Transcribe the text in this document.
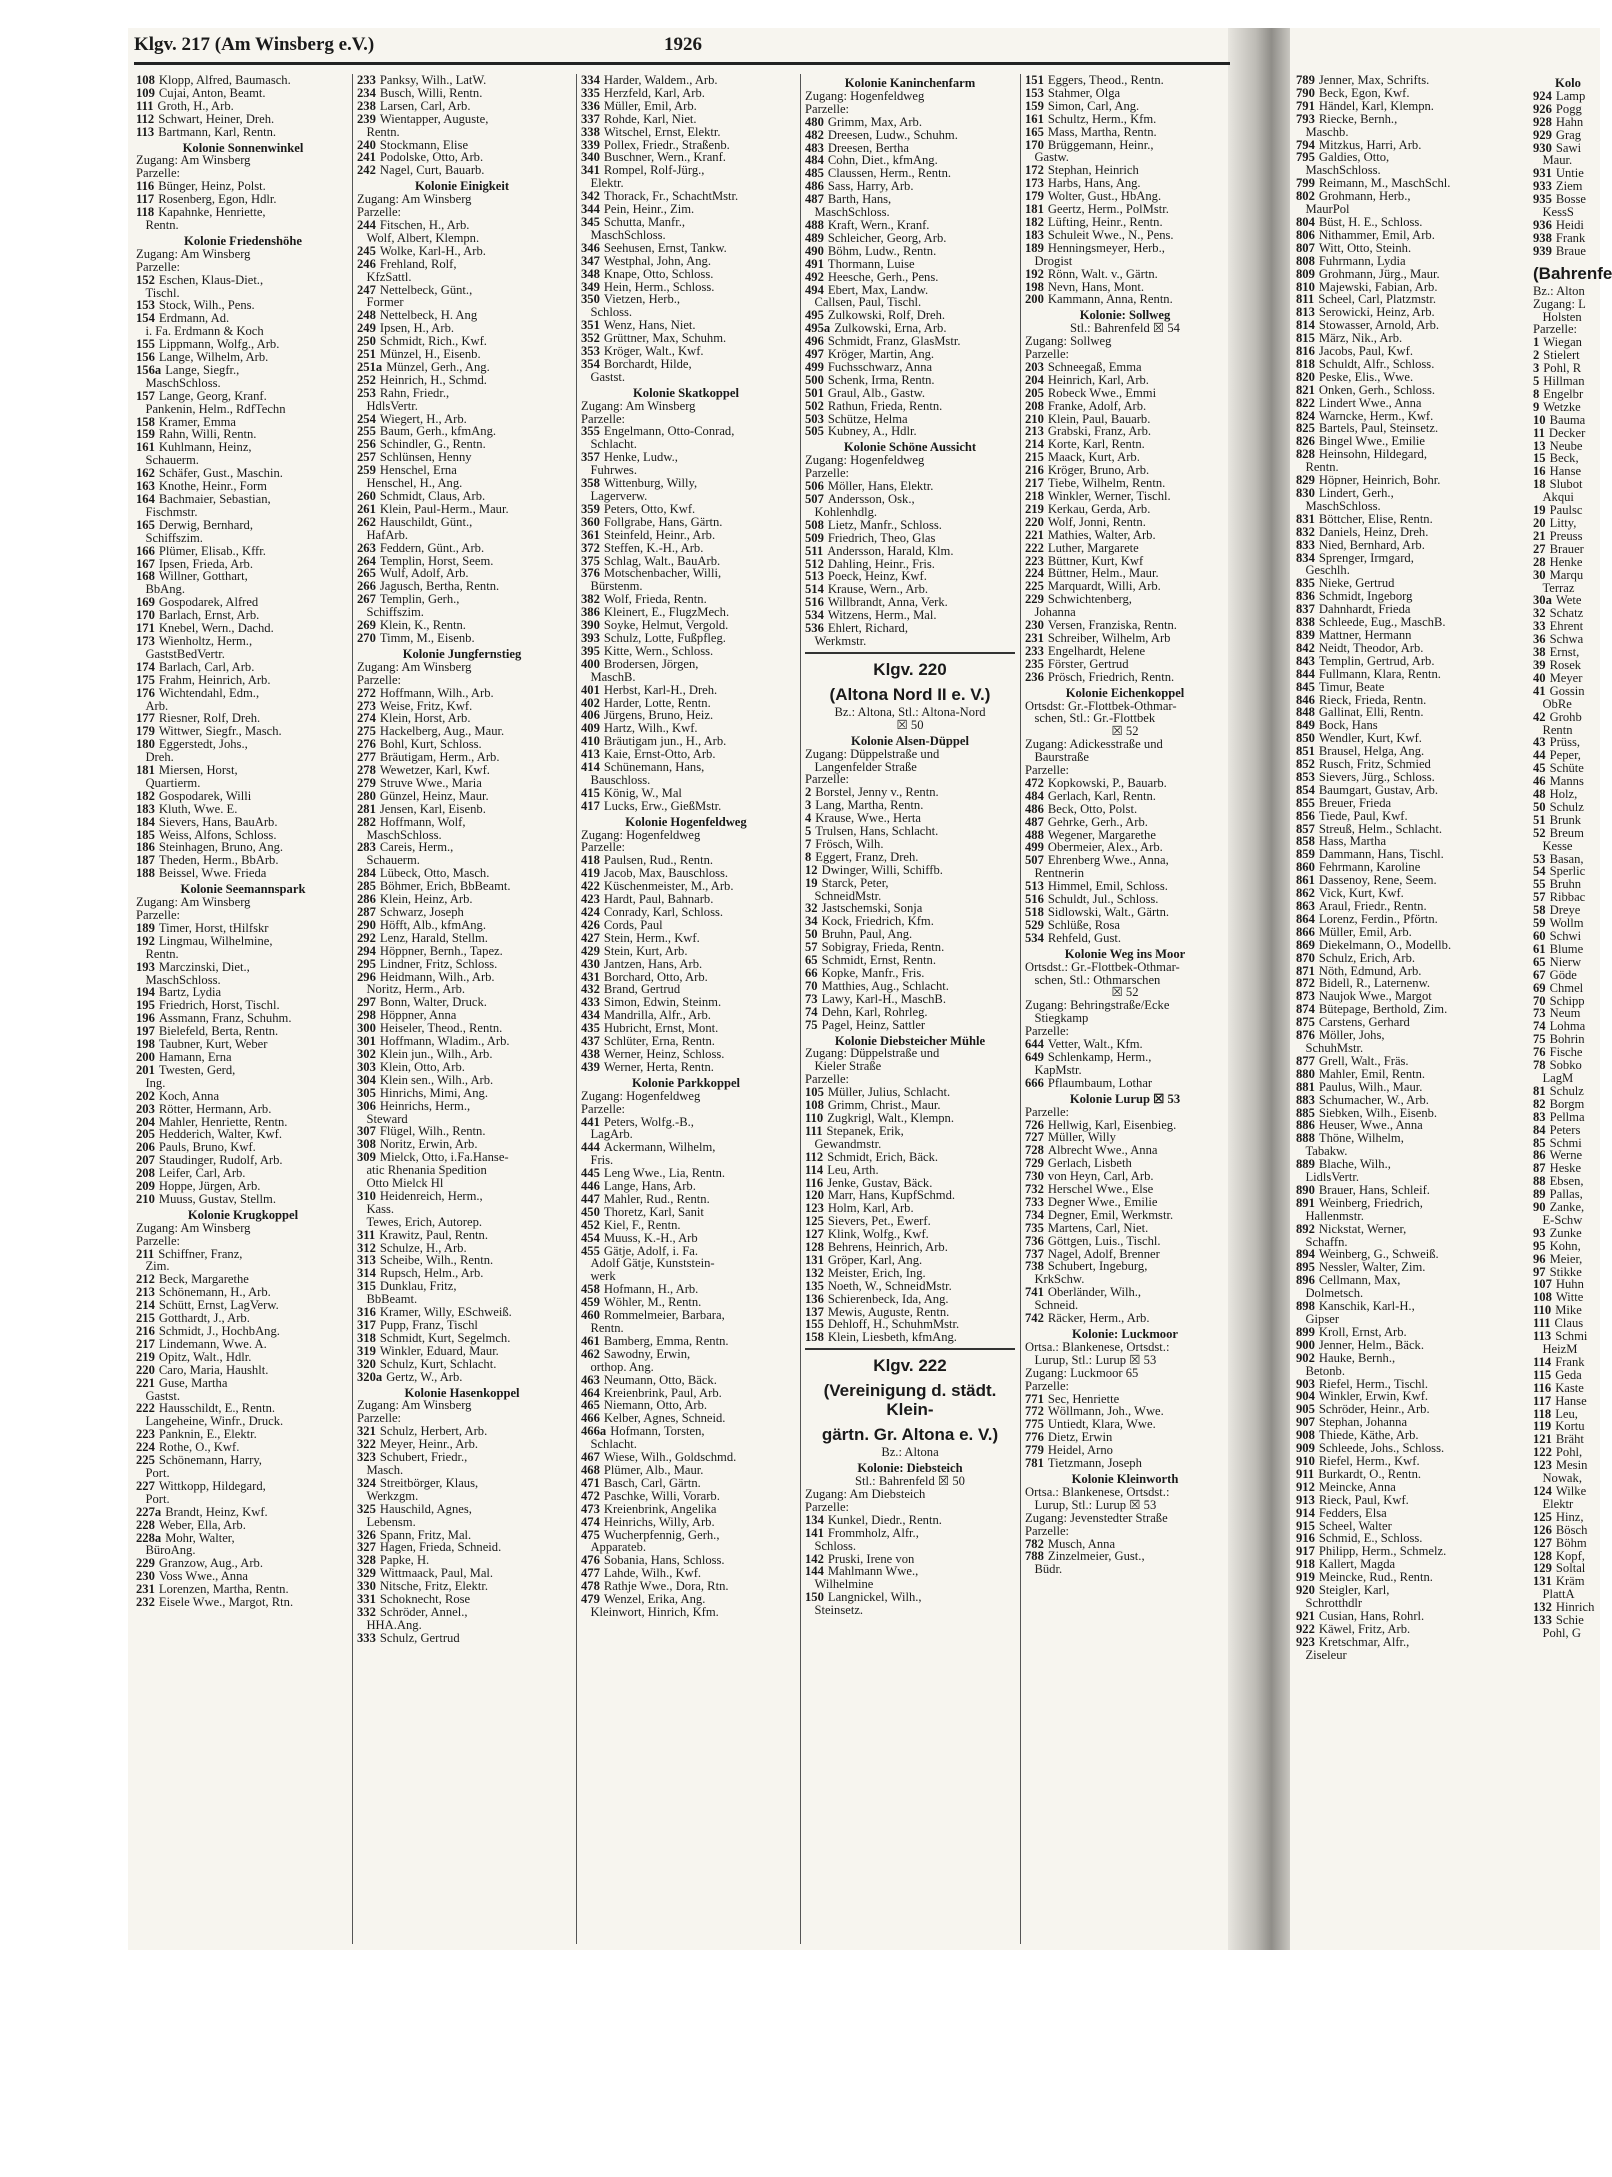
789 Jenner, Max, Schrifts.
790 Beck, Egon, Kwf.
791 Händel, Karl, Klempn.
793 Riecke, Bernh.,
Maschb.
794 Mitzkus, Harri, Arb.
795 Galdies, Otto,
MaschSchloss.
799 Reimann, M., MaschSchl.
802 Grohmann, Herb.,
MaurPol
804 Büst, H. E., Schloss.
806 Nithammer, Emil, Arb.
807 Witt, Otto, Steinh.
808 Fuhrmann, Lydia
809 Grohmann, Jürg., Maur.
810 Majewski, Fabian, Arb.
811 Scheel, Carl, Platzmstr.
813 Serowicki, Heinz, Arb.
814 Stowasser, Arnold, Arb.
815 März, Nik., Arb.
816 Jacobs, Paul, Kwf.
818 Schuldt, Alfr., Schloss.
820 Peske, Elis., Wwe.
821 Onken, Gerh., Schloss.
822 Lindert Wwe., Anna
824 Warncke, Herm., Kwf.
825 Bartels, Paul, Steinsetz.
826 Bingel Wwe., Emilie
828 Heinsohn, Hildegard,
Rentn.
829 Höpner, Heinrich, Bohr.
830 Lindert, Gerh.,
MaschSchloss.
831 Böttcher, Elise, Rentn.
832 Daniels, Heinz, Dreh.
833 Nied, Bernhard, Arb.
834 Sprenger, Irmgard,
Geschlh.
835 Nieke, Gertrud
836 Schmidt, Ingeborg
837 Dahnhardt, Frieda
838 Schleede, Eug., MaschB.
839 Mattner, Hermann
842 Neidt, Theodor, Arb.
843 Templin, Gertrud, Arb.
844 Fullmann, Klara, Rentn.
845 Timur, Beate
846 Rieck, Frieda, Rentn.
848 Gallinat, Elli, Rentn.
849 Bock, Hans
850 Wendler, Kurt, Kwf.
851 Brausel, Helga, Ang.
852 Rusch, Fritz, Schmied
853 Sievers, Jürg., Schloss.
854 Baumgart, Gustav, Arb.
855 Breuer, Frieda
856 Tiede, Paul, Kwf.
857 Streuß, Helm., Schlacht.
858 Hass, Martha
859 Dammann, Hans, Tischl.
860 Fehrmann, Karoline
861 Dassenoy, Rene, Seem.
862 Vick, Kurt, Kwf.
863 Araul, Friedr., Rentn.
864 Lorenz, Ferdin., Pförtn.
866 Müller, Emil, Arb.
869 Diekelmann, O., Modellb.
870 Schulz, Erich, Arb.
871 Nöth, Edmund, Arb.
872 Bidell, R., Laternenw.
873 Naujok Wwe., Margot
874 Bütepage, Berthold, Zim.
875 Carstens, Gerhard
876 Möller, Johs,
SchuhMstr.
877 Grell, Walt., Fräs.
880 Mahler, Emil, Rentn.
881 Paulus, Wilh., Maur.
883 Schumacher, W., Arb.
885 Siebken, Wilh., Eisenb.
886 Heuser, Wwe., Anna
888 Thöne, Wilhelm,
Tabakw.
889 Blache, Wilh.,
LidlsVertr.
890 Brauer, Hans, Schleif.
891 Weinberg, Friedrich,
Hallenmstr.
892 Nickstat, Werner,
Schaffn.
894 Weinberg, G., Schweiß.
895 Nessler, Walter, Zim.
896 Cellmann, Max,
Dolmetsch.
898 Kanschik, Karl-H.,
Gipser
899 Kroll, Ernst, Arb.
900 Jenner, Helm., Bäck.
902 Hauke, Bernh.,
Betonb.
903 Riefel, Herm., Tischl.
904 Winkler, Erwin, Kwf.
905 Schröder, Heinr., Arb.
907 Stephan, Johanna
908 Thiede, Käthe, Arb.
909 Schleede, Johs., Schloss.
910 Riefel, Herm., Kwf.
911 Burkardt, O., Rentn.
912 Meincke, Anna
913 Rieck, Paul, Kwf.
914 Fedders, Elsa
915 Scheel, Walter
916 Schmid, E., Schloss.
917 Philipp, Herm., Schmelz.
918 Kallert, Magda
919 Meincke, Rud., Rentn.
920 Steigler, Karl,
Schrotthdlr
921 Cusian, Hans, Rohrl.
922 Käwel, Fritz, Arb.
923 Kretschmar, Alfr.,
Ziseleur
Kolo
924 Lamp
926 Pogg
928 Hahn
929 Grag
930 Sawi
Maur.
931 Untie
933 Ziem
935 Bosse
KessS
936 Heidi
938 Frank
939 Braue
(Bahrenfe
Bz.: Alton
Zugang: L
Holsten
Parzelle:
1 Wiegan
2 Stielert
3 Pohl, R
5 Hillman
8 Engelbr
9 Wetzke
10 Bauma
11 Decker
13 Neube
15 Beck,
16 Hanse
18 Slubot
Akqui
19 Paulsc
20 Litty,
21 Preuss
27 Brauer
28 Henke
30 Marqu
Terraz
30a Wete
32 Schatz
33 Ehrent
36 Schwa
38 Ernst,
39 Rosek
40 Meyer
41 Gossin
ObRe
42 Grohb
Rentn
43 Prüss,
44 Peper,
45 Schüte
46 Manns
48 Holz,
50 Schulz
51 Brunk
52 Breum
Kesse
53 Basan,
54 Sperlic
55 Bruhn
57 Ribbac
58 Dreye
59 Wollm
60 Schwi
61 Blume
65 Nierw
67 Göde
69 Chmel
70 Schipp
73 Neum
74 Lohma
75 Bohrin
76 Fische
78 Sobko
LagM
81 Schulz
82 Borgm
83 Pellma
84 Peters
85 Schmi
86 Werne
87 Heske
88 Ebsen,
89 Pallas,
90 Zanke,
E-Schw
93 Zunke
95 Kohn,
96 Meier,
97 Stikke
107 Huhn
108 Witte
110 Mike
111 Claus
113 Schmi
HeizM
114 Frank
115 Geda
116 Kaste
117 Hanse
118 Leu,
119 Kortu
121 Bräht
122 Pohl,
123 Mesin
Nowak,
124 Wilke
Elektr
125 Hinz,
126 Bösch
127 Böhm
128 Kopf,
129 Soltal
131 Kräm
PlattA
132 Hinrich
133 Schie
Pohl, G
Klgv. 217 (Am Winsberg e.V.)	1926
108 Klopp, Alfred, Baumasch.
109 Cujai, Anton, Beamt.
111 Groth, H., Arb.
112 Schwart, Heiner, Dreh.
113 Bartmann, Karl, Rentn.
Kolonie Sonnenwinkel
Zugang: Am Winsberg
Parzelle:
116 Bünger, Heinz, Polst.
117 Rosenberg, Egon, Hdlr.
118 Kapahnke, Henriette,
Rentn.
Kolonie Friedenshöhe
Zugang: Am Winsberg
Parzelle:
152 Eschen, Klaus-Diet.,
Tischl.
153 Stock, Wilh., Pens.
154 Erdmann, Ad.
i. Fa. Erdmann & Koch
155 Lippmann, Wolfg., Arb.
156 Lange, Wilhelm, Arb.
156a Lange, Siegfr.,
MaschSchloss.
157 Lange, Georg, Kranf.
Pankenin, Helm., RdfTechn
158 Kramer, Emma
159 Rahn, Willi, Rentn.
161 Kuhlmann, Heinz,
Schauerm.
162 Schäfer, Gust., Maschin.
163 Knothe, Heinr., Form
164 Bachmaier, Sebastian,
Fischmstr.
165 Derwig, Bernhard,
Schiffszim.
166 Plümer, Elisab., Kffr.
167 Ipsen, Frieda, Arb.
168 Willner, Gotthart,
BbAng.
169 Gospodarek, Alfred
170 Barlach, Ernst, Arb.
171 Knebel, Wern., Dachd.
173 Wienholtz, Herm.,
GaststBedVertr.
174 Barlach, Carl, Arb.
175 Frahm, Heinrich, Arb.
176 Wichtendahl, Edm.,
Arb.
177 Riesner, Rolf, Dreh.
179 Wittwer, Siegfr., Masch.
180 Eggerstedt, Johs.,
Dreh.
181 Miersen, Horst,
Quartierm.
182 Gospodarek, Willi
183 Kluth, Wwe. E.
184 Sievers, Hans, BauArb.
185 Weiss, Alfons, Schloss.
186 Steinhagen, Bruno, Ang.
187 Theden, Herm., BbArb.
188 Beissel, Wwe. Frieda
Kolonie Seemannspark
Zugang: Am Winsberg
Parzelle:
189 Timer, Horst, tHilfskr
192 Lingmau, Wilhelmine,
Rentn.
193 Marczinski, Diet.,
MaschSchloss.
194 Bartz, Lydia
195 Friedrich, Horst, Tischl.
196 Assmann, Franz, Schuhm.
197 Bielefeld, Berta, Rentn.
198 Taubner, Kurt, Weber
200 Hamann, Erna
201 Twesten, Gerd,
Ing.
202 Koch, Anna
203 Rötter, Hermann, Arb.
204 Mahler, Henriette, Rentn.
205 Hedderich, Walter, Kwf.
206 Pauls, Bruno, Kwf.
207 Staudinger, Rudolf, Arb.
208 Leifer, Carl, Arb.
209 Hoppe, Jürgen, Arb.
210 Muuss, Gustav, Stellm.
Kolonie Krugkoppel
Zugang: Am Winsberg
Parzelle:
211 Schiffner, Franz,
Zim.
212 Beck, Margarethe
213 Schönemann, H., Arb.
214 Schütt, Ernst, LagVerw.
215 Gotthardt, J., Arb.
216 Schmidt, J., HochbAng.
217 Lindemann, Wwe. A.
219 Opitz, Walt., Hdlr.
220 Caro, Maria, Haushlt.
221 Guse, Martha
Gastst.
222 Hausschildt, E., Rentn.
Langeheine, Winfr., Druck.
223 Panknin, E., Elektr.
224 Rothe, O., Kwf.
225 Schönemann, Harry,
Port.
227 Wittkopp, Hildegard,
Port.
227a Brandt, Heinz, Kwf.
228 Weber, Ella, Arb.
228a Mohr, Walter,
BüroAng.
229 Granzow, Aug., Arb.
230 Voss Wwe., Anna
231 Lorenzen, Martha, Rentn.
232 Eisele Wwe., Margot, Rtn.
233 Panksy, Wilh., LatW.
234 Busch, Willi, Rentn.
238 Larsen, Carl, Arb.
239 Wientapper, Auguste,
Rentn.
240 Stockmann, Elise
241 Podolske, Otto, Arb.
242 Nagel, Curt, Bauarb.
Kolonie Einigkeit
Zugang: Am Winsberg
Parzelle:
244 Fitschen, H., Arb.
Wolf, Albert, Klempn.
245 Wolke, Karl-H., Arb.
246 Frehland, Rolf,
KfzSattl.
247 Nettelbeck, Günt.,
Former
248 Nettelbeck, H. Ang
249 Ipsen, H., Arb.
250 Schmidt, Rich., Kwf.
251 Münzel, H., Eisenb.
251a Münzel, Gerh., Ang.
252 Heinrich, H., Schmd.
253 Rahn, Friedr.,
HdlsVertr.
254 Wiegert, H., Arb.
255 Baum, Gerh., kfmAng.
256 Schindler, G., Rentn.
257 Schlünsen, Henny
259 Henschel, Erna
Henschel, H., Ang.
260 Schmidt, Claus, Arb.
261 Klein, Paul-Herm., Maur.
262 Hauschildt, Günt.,
HafArb.
263 Feddern, Günt., Arb.
264 Templin, Horst, Seem.
265 Wulf, Adolf, Arb.
266 Jagusch, Bertha, Rentn.
267 Templin, Gerh.,
Schiffszim.
269 Klein, K., Rentn.
270 Timm, M., Eisenb.
Kolonie Jungfernstieg
Zugang: Am Winsberg
Parzelle:
272 Hoffmann, Wilh., Arb.
273 Weise, Fritz, Kwf.
274 Klein, Horst, Arb.
275 Hackelberg, Aug., Maur.
276 Bohl, Kurt, Schloss.
277 Bräutigam, Herm., Arb.
278 Wewetzer, Karl, Kwf.
279 Struve Wwe., Maria
280 Günzel, Heinz, Maur.
281 Jensen, Karl, Eisenb.
282 Hoffmann, Wolf,
MaschSchloss.
283 Careis, Herm.,
Schauerm.
284 Lübeck, Otto, Masch.
285 Böhmer, Erich, BbBeamt.
286 Klein, Heinz, Arb.
287 Schwarz, Joseph
290 Höfft, Alb., kfmAng.
292 Lenz, Harald, Stellm.
294 Höppner, Bernh., Tapez.
295 Lindner, Fritz, Schloss.
296 Heidmann, Wilh., Arb.
Noritz, Herm., Arb.
297 Bonn, Walter, Druck.
298 Höppner, Anna
300 Heiseler, Theod., Rentn.
301 Hoffmann, Wladim., Arb.
302 Klein jun., Wilh., Arb.
303 Klein, Otto, Arb.
304 Klein sen., Wilh., Arb.
305 Hinrichs, Mimi, Ang.
306 Heinrichs, Herm.,
Steward
307 Flügel, Wilh., Rentn.
308 Noritz, Erwin, Arb.
309 Mielck, Otto, i.Fa.Hanse-
atic Rhenania Spedition
Otto Mielck Hl
310 Heidenreich, Herm.,
Kass.
Tewes, Erich, Autorep.
311 Krawitz, Paul, Rentn.
312 Schulze, H., Arb.
313 Scheibe, Wilh., Rentn.
314 Rupsch, Helm., Arb.
315 Dunklau, Fritz,
BbBeamt.
316 Kramer, Willy, ESchweiß.
317 Pupp, Franz, Tischl
318 Schmidt, Kurt, Segelmch.
319 Winkler, Eduard, Maur.
320 Schulz, Kurt, Schlacht.
320a Gertz, W., Arb.
Kolonie Hasenkoppel
Zugang: Am Winsberg
Parzelle:
321 Schulz, Herbert, Arb.
322 Meyer, Heinr., Arb.
323 Schubert, Friedr.,
Masch.
324 Streitbörger, Klaus,
Werkzgm.
325 Hauschild, Agnes,
Lebensm.
326 Spann, Fritz, Mal.
327 Hagen, Frieda, Schneid.
328 Papke, H.
329 Wittmaack, Paul, Mal.
330 Nitsche, Fritz, Elektr.
331 Schoknecht, Rose
332 Schröder, Annel.,
HHA.Ang.
333 Schulz, Gertrud
334 Harder, Waldem., Arb.
335 Herzfeld, Karl, Arb.
336 Müller, Emil, Arb.
337 Rohde, Karl, Niet.
338 Witschel, Ernst, Elektr.
339 Pollex, Friedr., Straßenb.
340 Buschner, Wern., Kranf.
341 Rompel, Rolf-Jürg.,
Elektr.
342 Thorack, Fr., SchachtMstr.
344 Pein, Heinr., Zim.
345 Schutta, Manfr.,
MaschSchloss.
346 Seehusen, Ernst, Tankw.
347 Westphal, John, Ang.
348 Knape, Otto, Schloss.
349 Hein, Herm., Schloss.
350 Vietzen, Herb.,
Schloss.
351 Wenz, Hans, Niet.
352 Grüttner, Max, Schuhm.
353 Kröger, Walt., Kwf.
354 Borchardt, Hilde,
Gastst.
Kolonie Skatkoppel
Zugang: Am Winsberg
Parzelle:
355 Engelmann, Otto-Conrad,
Schlacht.
357 Henke, Ludw.,
Fuhrwes.
358 Wittenburg, Willy,
Lagerverw.
359 Peters, Otto, Kwf.
360 Follgrabe, Hans, Gärtn.
361 Steinfeld, Heinr., Arb.
372 Steffen, K.-H., Arb.
375 Schlag, Walt., BauArb.
376 Motschenbacher, Willi,
Bürstenm.
382 Wolf, Frieda, Rentn.
386 Kleinert, E., FlugzMech.
390 Soyke, Helmut, Vergold.
393 Schulz, Lotte, Fußpfleg.
395 Kitte, Wern., Schloss.
400 Brodersen, Jörgen,
MaschB.
401 Herbst, Karl-H., Dreh.
402 Harder, Lotte, Rentn.
406 Jürgens, Bruno, Heiz.
409 Hartz, Wilh., Kwf.
410 Bräutigam jun., H., Arb.
413 Kaie, Ernst-Otto, Arb.
414 Schünemann, Hans,
Bauschloss.
415 König, W., Mal
417 Lucks, Erw., GießMstr.
Kolonie Hogenfeldweg
Zugang: Hogenfeldweg
Parzelle:
418 Paulsen, Rud., Rentn.
419 Jacob, Max, Bauschloss.
422 Küschenmeister, M., Arb.
423 Hardt, Paul, Bahnarb.
424 Conrady, Karl, Schloss.
426 Cords, Paul
427 Stein, Herm., Kwf.
429 Stein, Kurt, Arb.
430 Jantzen, Hans, Arb.
431 Borchard, Otto, Arb.
432 Brand, Gertrud
433 Simon, Edwin, Steinm.
434 Mandrilla, Alfr., Arb.
435 Hubricht, Ernst, Mont.
437 Schlüter, Erna, Rentn.
438 Werner, Heinz, Schloss.
439 Werner, Herta, Rentn.
Kolonie Parkkoppel
Zugang: Hogenfeldweg
Parzelle:
441 Peters, Wolfg.-B.,
LagArb.
444 Ackermann, Wilhelm,
Fris.
445 Leng Wwe., Lia, Rentn.
446 Lange, Hans, Arb.
447 Mahler, Rud., Rentn.
450 Thoretz, Karl, Sanit
452 Kiel, F., Rentn.
454 Muuss, K.-H., Arb
455 Gätje, Adolf, i. Fa.
Adolf Gätje, Kunststein-
werk
458 Hofmann, H., Arb.
459 Wöhler, M., Rentn.
460 Rommelmeier, Barbara,
Rentn.
461 Bamberg, Emma, Rentn.
462 Sawodny, Erwin,
orthop. Ang.
463 Neumann, Otto, Bäck.
464 Kreienbrink, Paul, Arb.
465 Niemann, Otto, Arb.
466 Kelber, Agnes, Schneid.
466a Hofmann, Torsten,
Schlacht.
467 Wiese, Wilh., Goldschmd.
468 Plümer, Alb., Maur.
471 Basch, Carl, Gärtn.
472 Paschke, Willi, Vorarb.
473 Kreienbrink, Angelika
474 Heinrichs, Willy, Arb.
475 Wucherpfennig, Gerh.,
Apparateb.
476 Sobania, Hans, Schloss.
477 Lahde, Wilh., Kwf.
478 Rathje Wwe., Dora, Rtn.
479 Wenzel, Erika, Ang.
Kleinwort, Hinrich, Kfm.
Kolonie Kaninchenfarm
Zugang: Hogenfeldweg
Parzelle:
480 Grimm, Max, Arb.
482 Dreesen, Ludw., Schuhm.
483 Dreesen, Bertha
484 Cohn, Diet., kfmAng.
485 Claussen, Herm., Rentn.
486 Sass, Harry, Arb.
487 Barth, Hans,
MaschSchloss.
488 Kraft, Wern., Kranf.
489 Schleicher, Georg, Arb.
490 Böhm, Ludw., Rentn.
491 Thormann, Luise
492 Heesche, Gerh., Pens.
494 Ebert, Max, Landw.
Callsen, Paul, Tischl.
495 Zulkowski, Rolf, Dreh.
495a Zulkowski, Erna, Arb.
496 Schmidt, Franz, GlasMstr.
497 Kröger, Martin, Ang.
499 Fuchsschwarz, Anna
500 Schenk, Irma, Rentn.
501 Graul, Alb., Gastw.
502 Rathun, Frieda, Rentn.
503 Schütze, Helma
505 Kubney, A., Hdlr.
Kolonie Schöne Aussicht
Zugang: Hogenfeldweg
Parzelle:
506 Möller, Hans, Elektr.
507 Andersson, Osk.,
Kohlenhdlg.
508 Lietz, Manfr., Schloss.
509 Friedrich, Theo, Glas
511 Andersson, Harald, Klm.
512 Dahling, Heinr., Fris.
513 Poeck, Heinz, Kwf.
514 Krause, Wern., Arb.
516 Willbrandt, Anna, Verk.
534 Witzens, Herm., Mal.
536 Ehlert, Richard,
Werkmstr.
Klgv. 220
(Altona Nord II e. V.)
Bz.: Altona, Stl.: Altona-Nord
☒ 50
Kolonie Alsen-Düppel
Zugang: Düppelstraße und
Langenfelder Straße
Parzelle:
2 Borstel, Jenny v., Rentn.
3 Lang, Martha, Rentn.
4 Krause, Wwe., Herta
5 Trulsen, Hans, Schlacht.
7 Frösch, Wilh.
8 Eggert, Franz, Dreh.
12 Dwinger, Willi, Schiffb.
19 Starck, Peter,
SchneidMstr.
32 Jastschemski, Sonja
34 Kock, Friedrich, Kfm.
50 Bruhn, Paul, Ang.
57 Sobigray, Frieda, Rentn.
65 Schmidt, Ernst, Rentn.
66 Kopke, Manfr., Fris.
70 Matthies, Aug., Schlacht.
73 Lawy, Karl-H., MaschB.
74 Dehn, Karl, Rohrleg.
75 Pagel, Heinz, Sattler
Kolonie Diebsteicher Mühle
Zugang: Düppelstraße und
Kieler Straße
Parzelle:
105 Müller, Julius, Schlacht.
108 Grimm, Christ., Maur.
110 Zugkrigl, Walt., Klempn.
111 Stepanek, Erik,
Gewandmstr.
112 Schmidt, Erich, Bäck.
114 Leu, Arth.
116 Jenke, Gustav, Bäck.
120 Marr, Hans, KupfSchmd.
123 Holm, Karl, Arb.
125 Sievers, Pet., Ewerf.
127 Klink, Wolfg., Kwf.
128 Behrens, Heinrich, Arb.
131 Gröper, Karl, Ang.
132 Meister, Erich, Ing.
135 Noeth, W., SchneidMstr.
136 Schierenbeck, Ida, Ang.
137 Mewis, Auguste, Rentn.
155 Dehloff, H., SchuhmMstr.
158 Klein, Liesbeth, kfmAng.
Klgv. 222
(Vereinigung d. städt. Klein-
gärtn. Gr. Altona e. V.)
Bz.: Altona
Kolonie: Diebsteich
Stl.: Bahrenfeld ☒ 50
Zugang: Am Diebsteich
Parzelle:
134 Kunkel, Diedr., Rentn.
141 Frommholz, Alfr.,
Schloss.
142 Pruski, Irene von
144 Mahlmann Wwe.,
Wilhelmine
150 Langnickel, Wilh.,
Steinsetz.
151 Eggers, Theod., Rentn.
153 Stahmer, Olga
159 Simon, Carl, Ang.
161 Schultz, Herm., Kfm.
165 Mass, Martha, Rentn.
170 Brüggemann, Heinr.,
Gastw.
172 Stephan, Heinrich
173 Harbs, Hans, Ang.
179 Wolter, Gust., HbAng.
181 Geertz, Herm., PolMstr.
182 Lüfting, Heinr., Rentn.
183 Schuleit Wwe., N., Pens.
189 Henningsmeyer, Herb.,
Drogist
192 Rönn, Walt. v., Gärtn.
198 Nevn, Hans, Mont.
200 Kammann, Anna, Rentn.
Kolonie: Sollweg
Stl.: Bahrenfeld ☒ 54
Zugang: Sollweg
Parzelle:
203 Schneegaß, Emma
204 Heinrich, Karl, Arb.
205 Robeck Wwe., Emmi
208 Franke, Adolf, Arb.
210 Klein, Paul, Bauarb.
213 Grabski, Franz, Arb.
214 Korte, Karl, Rentn.
215 Maack, Kurt, Arb.
216 Kröger, Bruno, Arb.
217 Tiebe, Wilhelm, Rentn.
218 Winkler, Werner, Tischl.
219 Kerkau, Gerda, Arb.
220 Wolf, Jonni, Rentn.
221 Mathies, Walter, Arb.
222 Luther, Margarete
223 Büttner, Kurt, Kwf
224 Büttner, Helm., Maur.
225 Marquardt, Willi, Arb.
229 Schwichtenberg,
Johanna
230 Versen, Franziska, Rentn.
231 Schreiber, Wilhelm, Arb
233 Engelhardt, Helene
235 Förster, Gertrud
236 Prösch, Friedrich, Rentn.
Kolonie Eichenkoppel
Ortsdst: Gr.-Flottbek-Othmar-
schen, Stl.: Gr.-Flottbek
☒ 52
Zugang: Adickesstraße und
Baurstraße
Parzelle:
472 Kopkowski, P., Bauarb.
484 Gerlach, Karl, Rentn.
486 Beck, Otto, Polst.
487 Gehrke, Gerh., Arb.
488 Wegener, Margarethe
499 Obermeier, Alex., Arb.
507 Ehrenberg Wwe., Anna,
Rentnerin
513 Himmel, Emil, Schloss.
516 Schuldt, Jul., Schloss.
518 Sidlowski, Walt., Gärtn.
529 Schlüße, Rosa
534 Rehfeld, Gust.
Kolonie Weg ins Moor
Ortsdst.: Gr.-Flottbek-Othmar-
schen, Stl.: Othmarschen
☒ 52
Zugang: Behringstraße/Ecke
Stiegkamp
Parzelle:
644 Vetter, Walt., Kfm.
649 Schlenkamp, Herm.,
KapMstr.
666 Pflaumbaum, Lothar
Kolonie Lurup ☒ 53
Parzelle:
726 Hellwig, Karl, Eisenbieg.
727 Müller, Willy
728 Albrecht Wwe., Anna
729 Gerlach, Lisbeth
730 von Heyn, Carl, Arb.
732 Herschel Wwe., Else
733 Degner Wwe., Emilie
734 Degner, Emil, Werkmstr.
735 Martens, Carl, Niet.
736 Göttgen, Luis., Tischl.
737 Nagel, Adolf, Brenner
738 Schubert, Ingeburg,
KrkSchw.
741 Oberländer, Wilh.,
Schneid.
742 Räcker, Herm., Arb.
Kolonie: Luckmoor
Ortsa.: Blankenese, Ortsdst.:
Lurup, Stl.: Lurup ☒ 53
Zugang: Luckmoor 65
Parzelle:
771 Sec, Henriette
772 Wöllmann, Joh., Wwe.
775 Untiedt, Klara, Wwe.
776 Dietz, Erwin
779 Heidel, Arno
781 Tietzmann, Joseph
Kolonie Kleinworth
Ortsa.: Blankenese, Ortsdst.:
Lurup, Stl.: Lurup ☒ 53
Zugang: Jevenstedter Straße
Parzelle:
782 Musch, Anna
788 Zinzelmeier, Gust.,
Büdr.
